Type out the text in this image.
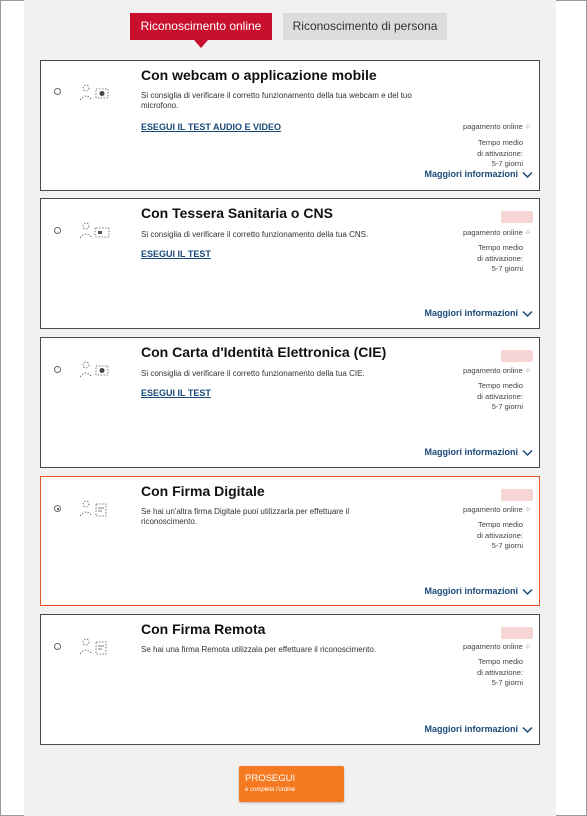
Riconoscimento online	Riconoscimento di persona
Con webcam o applicazione mobile
Si consiglia di verificare il corretto funzionamento della tua webcam e del tuo microfono.
ESEGUI IL TEST AUDIO E VIDEO	pagamento online ⁘
Tempo medio
di attivazione:
5-7 giorni
Maggiori informazioni
Con Tessera Sanitaria o CNS
Si consiglia di verificare il corretto funzionamento della tua CNS.
ESEGUI IL TEST
pagamento online ⁘
Tempo medio
di attivazione:
5-7 giorni
Maggiori informazioni
Con Carta d'Identità Elettronica (CIE)
Si consiglia di verificare il corretto funzionamento della tua CIE.
ESEGUI IL TEST
pagamento online ⁘
Tempo medio
di attivazione:
5-7 giorni
Maggiori informazioni
Con Firma Digitale
Se hai un'altra firma Digitale puoi utilizzarla per effettuare il riconoscimento.
pagamento online ⁘
Tempo medio
di attivazione:
5-7 giorni
Maggiori informazioni
Con Firma Remota
Se hai una firma Remota utilizzala per effettuare il riconoscimento.	pagamento online ⁘
Tempo medio
di attivazione:
5-7 giorni
Maggiori informazioni
PROSEGUI
e completa l'ordine
